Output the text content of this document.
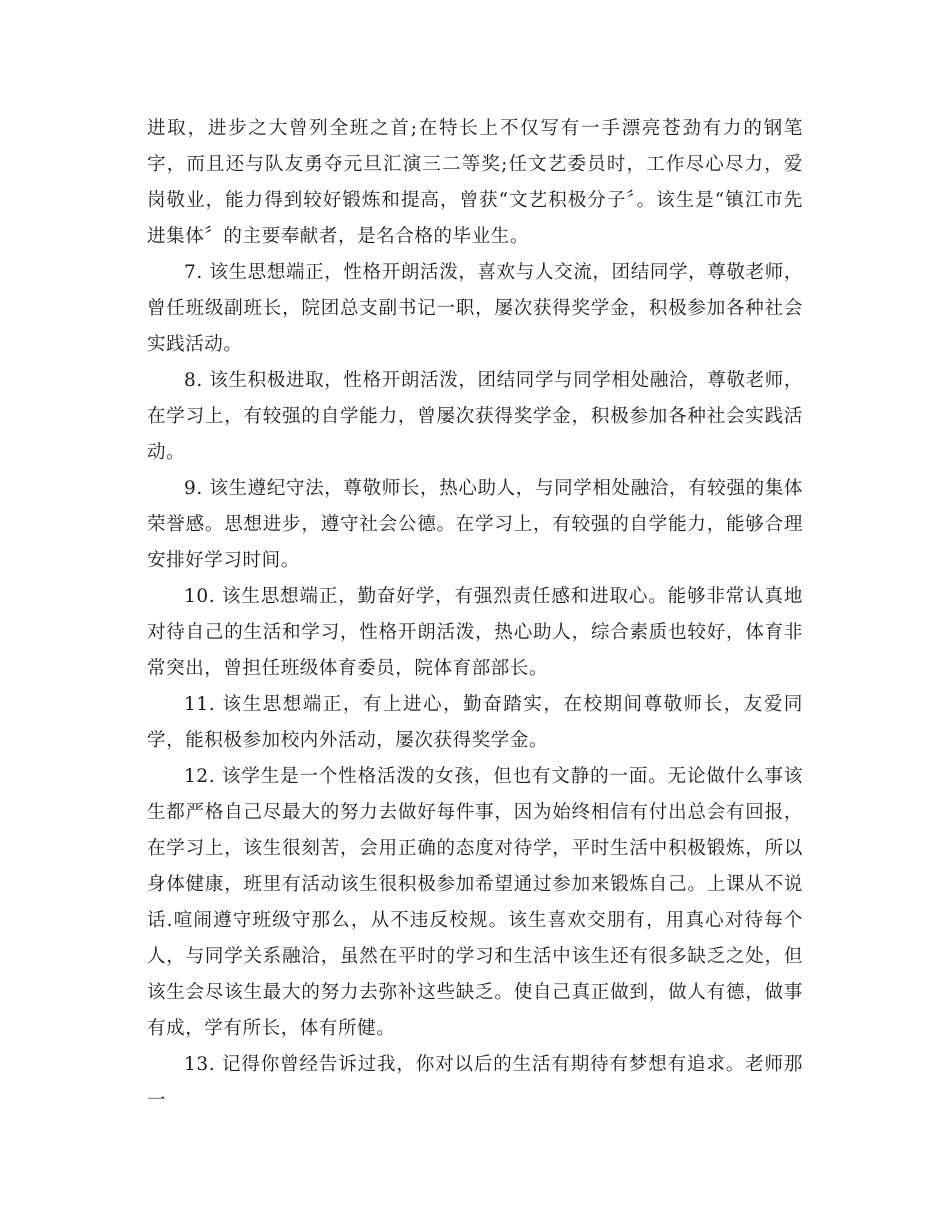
进取，进步之大曾列全班之首;在特长上不仅写有一手漂亮苍劲有力的钢笔字，而且还与队友勇夺元旦汇演三二等奖;任文艺委员时，工作尽心尽力，爱岗敬业，能力得到较好锻炼和提高，曾获“文艺积极分子〞。该生是“镇江市先进集体〞的主要奉献者，是名合格的毕业生。

7. 该生思想端正，性格开朗活泼，喜欢与人交流，团结同学，尊敬老师，曾任班级副班长，院团总支副书记一职，屡次获得奖学金，积极参加各种社会实践活动。

8. 该生积极进取，性格开朗活泼，团结同学与同学相处融洽，尊敬老师，在学习上，有较强的自学能力，曾屡次获得奖学金，积极参加各种社会实践活动。

9. 该生遵纪守法，尊敬师长，热心助人，与同学相处融洽，有较强的集体荣誉感。思想进步，遵守社会公德。在学习上，有较强的自学能力，能够合理安排好学习时间。

10. 该生思想端正，勤奋好学，有强烈责任感和进取心。能够非常认真地对待自己的生活和学习，性格开朗活泼，热心助人，综合素质也较好，体育非常突出，曾担任班级体育委员，院体育部部长。

11. 该生思想端正，有上进心，勤奋踏实，在校期间尊敬师长，友爱同学，能积极参加校内外活动，屡次获得奖学金。

12. 该学生是一个性格活泼的女孩，但也有文静的一面。无论做什么事该生都严格自己尽最大的努力去做好每件事，因为始终相信有付出总会有回报，在学习上，该生很刻苦，会用正确的态度对待学，平时生活中积极锻炼，所以身体健康，班里有活动该生很积极参加希望通过参加来锻炼自己。上课从不说话.喧闹遵守班级守那么，从不违反校规。该生喜欢交朋有，用真心对待每个人，与同学关系融洽，虽然在平时的学习和生活中该生还有很多缺乏之处，但该生会尽该生最大的努力去弥补这些缺乏。使自己真正做到，做人有德，做事有成，学有所长，体有所健。

13. 记得你曾经告诉过我，你对以后的生活有期待有梦想有追求。老师那一
